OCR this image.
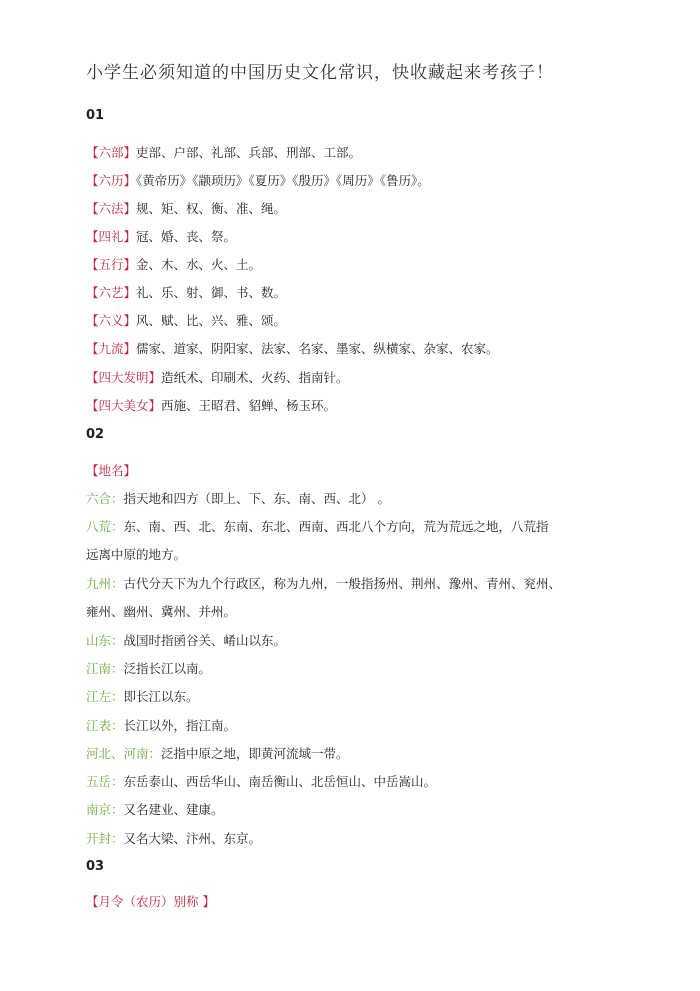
小学生必须知道的中国历史文化常识，快收藏起来考孩子！
01
【六部】吏部、户部、礼部、兵部、刑部、工部。
【六历】《黄帝历》《颛顼历》《夏历》《殷历》《周历》《鲁历》。
【六法】规、矩、权、衡、准、绳。
【四礼】冠、婚、丧、祭。
【五行】金、木、水、火、土。
【六艺】礼、乐、射、御、书、数。
【六义】风、赋、比、兴、雅、颂。
【九流】儒家、道家、阴阳家、法家、名家、墨家、纵横家、杂家、农家。
【四大发明】造纸术、印刷术、火药、指南针。
【四大美女】西施、王昭君、貂蝉、杨玉环。
02
【地名】
六合：指天地和四方（即上、下、东、南、西、北） 。
八荒：东、南、西、北、东南、东北、西南、西北八个方向，荒为荒远之地，八荒指
远离中原的地方。
九州：古代分天下为九个行政区，称为九州，一般指扬州、荆州、豫州、青州、兖州、
雍州、幽州、冀州、并州。
山东：战国时指函谷关、崤山以东。
江南：泛指长江以南。
江左：即长江以东。
江表：长江以外，指江南。
河北、河南：泛指中原之地，即黄河流域一带。
五岳：东岳泰山、西岳华山、南岳衡山、北岳恒山、中岳嵩山。
南京：又名建业、建康。
开封：又名大梁、汴州、东京。
03
【月令（农历）别称 】
